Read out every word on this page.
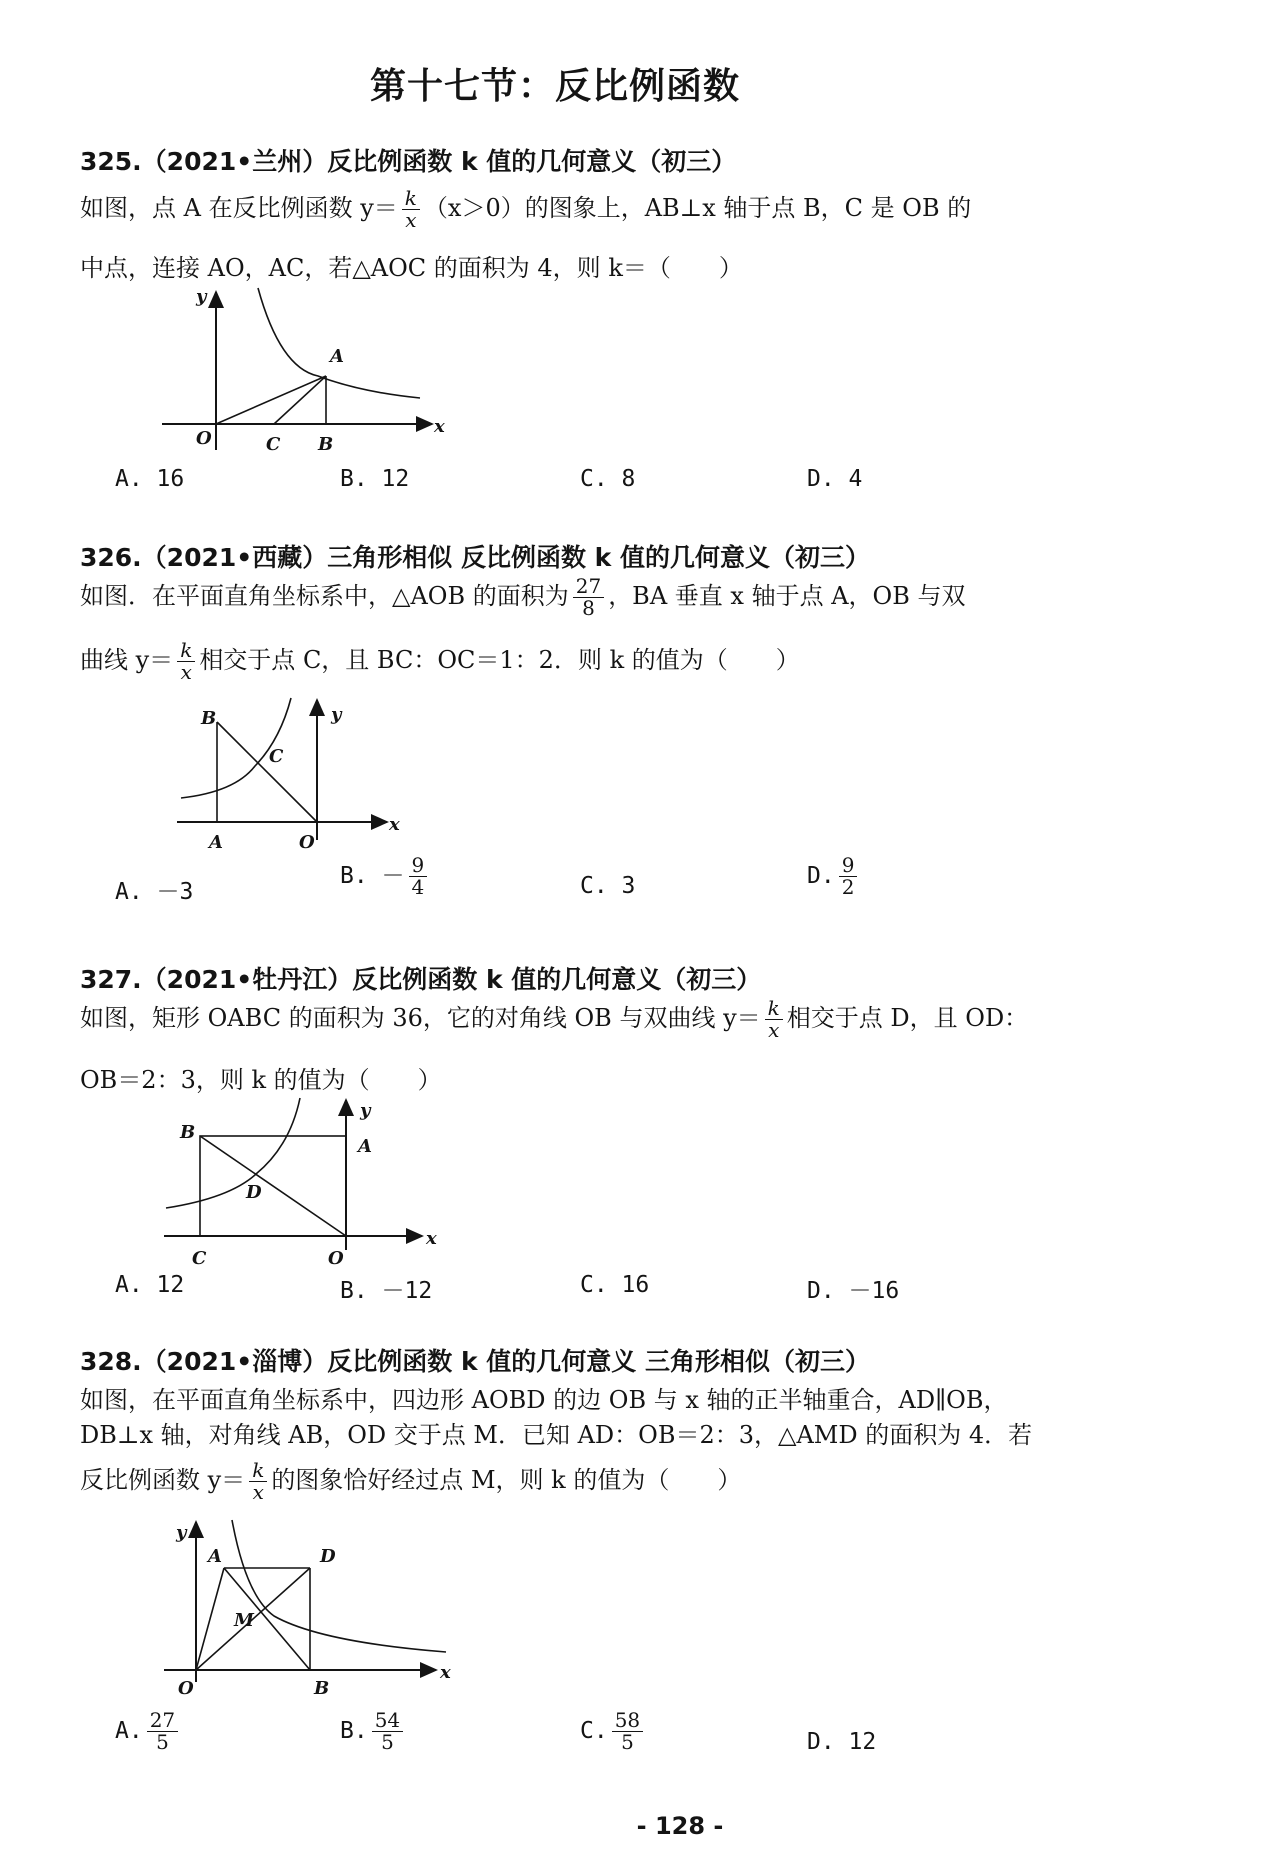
第十七节：反比例函数
325.（2021•兰州）反比例函数 k 值的几何意义（初三）
如图，点 A 在反比例函数 $y= \frac{k}{x} (x>0)$的图象上，AB⊥x 轴于点 B，C 是 OB 的
中点，连接 AO，AC，若△AOC 的面积为 4，则 k＝（　　）
y
A
O	C B
x
A. 16	B. 12	C. 8	D. 4
326.（2021•西藏）三角形相似 反比例函数 k 值的几何意义（初三）
如图．在平面直角坐标系中，△AOB 的面积为 $\frac{27}{8}$ ，BA 垂直 x 轴于点 A，OB 与双
曲线 $y= \frac{k}{x}$ 相交于点 C，且 BC：OC＝1：2．则 k 的值为（　　）
B
C
y
A	O
x
A. －3
B. － $\frac{9}{4}$	C. 3	D. $\frac{9}{2}$
327.（2021•牡丹江）反比例函数 k 值的几何意义（初三）
如图，矩形 OABC 的面积为 36，它的对角线 OB 与双曲线 $y= \frac{k}{x}$ 相交于点 D，且 OD：
OB＝2：3，则 k 的值为（　　）
B
y
A
D
C	O
x
A. 12	B. －12	C. 16	D. －16
328.（2021•淄博）反比例函数 k 值的几何意义 三角形相似（初三）
如图，在平面直角坐标系中，四边形 AOBD 的边 OB 与 x 轴的正半轴重合，AD∥OB，
DB⊥x 轴，对角线 AB，OD 交于点 M．已知 AD：OB＝2：3，△AMD 的面积为 4．若
反比例函数 $y= \frac{k}{x}$ 的图象恰好经过点 M，则 k 的值为（　　）
y
A	D
M
O	B
x
A. $\frac{27}{5}$	B. $\frac{54}{5}$	C. $\frac{58}{5}$	D. 12
- 128 -
